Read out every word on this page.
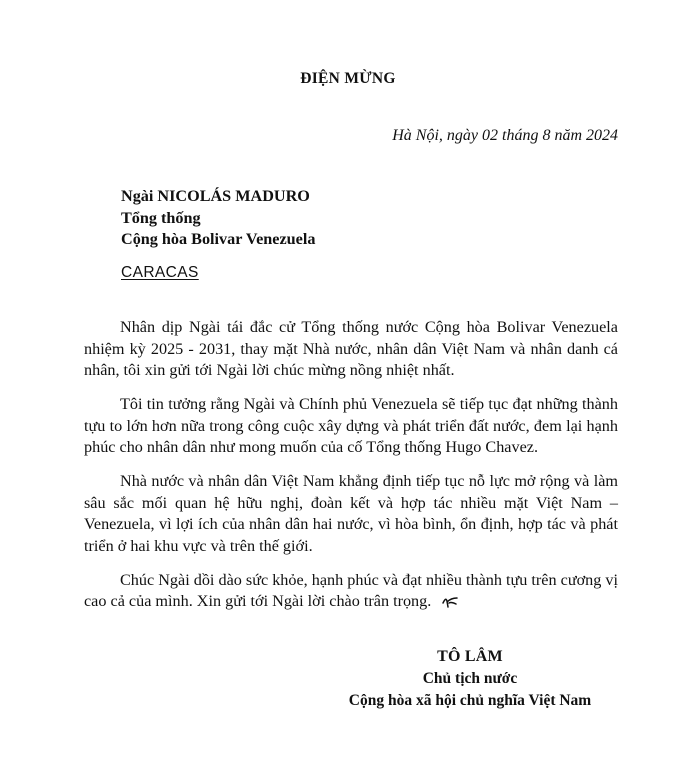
ĐIỆN MỪNG
Hà Nội, ngày 02 tháng 8 năm 2024
Ngài NICOLÁS MADURO
Tổng thống
Cộng hòa Bolivar Venezuela
CARACAS

Nhân dịp Ngài tái đắc cử Tổng thống nước Cộng hòa Bolivar Venezuela nhiệm kỳ 2025 - 2031, thay mặt Nhà nước, nhân dân Việt Nam và nhân danh cá nhân, tôi xin gửi tới Ngài lời chúc mừng nồng nhiệt nhất.

Tôi tin tưởng rằng Ngài và Chính phủ Venezuela sẽ tiếp tục đạt những thành tựu to lớn hơn nữa trong công cuộc xây dựng và phát triển đất nước, đem lại hạnh phúc cho nhân dân như mong muốn của cố Tổng thống Hugo Chavez.

Nhà nước và nhân dân Việt Nam khẳng định tiếp tục nỗ lực mở rộng và làm sâu sắc mối quan hệ hữu nghị, đoàn kết và hợp tác nhiều mặt Việt Nam – Venezuela, vì lợi ích của nhân dân hai nước, vì hòa bình, ổn định, hợp tác và phát triển ở hai khu vực và trên thế giới.

Chúc Ngài dồi dào sức khỏe, hạnh phúc và đạt nhiều thành tựu trên cương vị cao cả của mình. Xin gửi tới Ngài lời chào trân trọng.

TÔ LÂM
Chủ tịch nước
Cộng hòa xã hội chủ nghĩa Việt Nam
